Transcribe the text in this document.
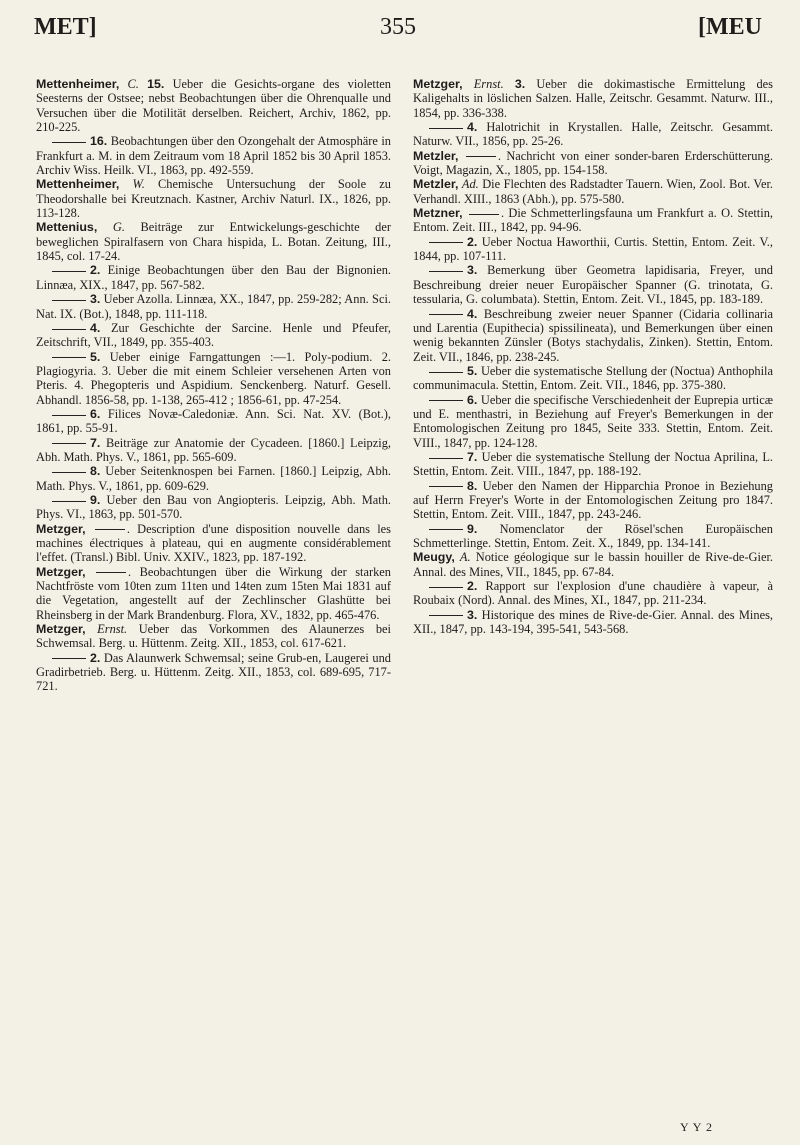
MET]	355	[MEU
Mettenheimer, C. 15. Ueber die Gesichts-organe des violetten Seesterns der Ostsee; nebst Beobachtungen über die Ohrenqualle und Versuchen über die Motilität derselben. Reichert, Archiv, 1862, pp. 210-225.
16. Beobachtungen über den Ozongehalt der Atmosphäre in Frankfurt a. M. in dem Zeitraum vom 18 April 1852 bis 30 April 1853. Archiv Wiss. Heilk. VI., 1863, pp. 492-559.
Mettenheimer, W. Chemische Untersuchung der Soole zu Theodorshalle bei Kreutznach. Kastner, Archiv Naturl. IX., 1826, pp. 113-128.
Mettenius, G. Beiträge zur Entwickelungs-geschichte der beweglichen Spiralfasern von Chara hispida, L. Botan. Zeitung, III., 1845, col. 17-24.
2. Einige Beobachtungen über den Bau der Bignonien. Linnæa, XIX., 1847, pp. 567-582.
3. Ueber Azolla. Linnæa, XX., 1847, pp. 259-282; Ann. Sci. Nat. IX. (Bot.), 1848, pp. 111-118.
4. Zur Geschichte der Sarcine. Henle und Pfeufer, Zeitschrift, VII., 1849, pp. 355-403.
5. Ueber einige Farngattungen :—1. Poly-podium. 2. Plagiogyria. 3. Ueber die mit einem Schleier versehenen Arten von Pteris. 4. Phegopteris und Aspidium. Senckenberg. Naturf. Gesell. Abhandl. 1856-58, pp. 1-138, 265-412 ; 1856-61, pp. 47-254.
6. Filices Novæ-Caledoniæ. Ann. Sci. Nat. XV. (Bot.), 1861, pp. 55-91.
7. Beiträge zur Anatomie der Cycadeen. [1860.] Leipzig, Abh. Math. Phys. V., 1861, pp. 565-609.
8. Ueber Seitenknospen bei Farnen. [1860.] Leipzig, Abh. Math. Phys. V., 1861, pp. 609-629.
9. Ueber den Bau von Angiopteris. Leipzig, Abh. Math. Phys. VI., 1863, pp. 501-570.
Metzger,	. Description d'une disposition nouvelle dans les machines électriques à plateau, qui en augmente considérablement l'effet. (Transl.) Bibl. Univ. XXIV., 1823, pp. 187-192.
Metzger,	. Beobachtungen über die Wirkung der starken Nachtfröste vom 10ten zum 11ten und 14ten zum 15ten Mai 1831 auf die Vegetation, angestellt auf der Zechlinscher Glashütte bei Rheinsberg in der Mark Brandenburg. Flora, XV., 1832, pp. 465-476.
Metzger, Ernst. Ueber das Vorkommen des Alaunerzes bei Schwemsal. Berg. u. Hüttenm. Zeitg. XII., 1853, col. 617-621.
2. Das Alaunwerk Schwemsal; seine Grub-en, Laugerei und Gradirbetrieb. Berg. u. Hüttenm. Zeitg. XII., 1853, col. 689-695, 717-721.
Metzger, Ernst. 3. Ueber die dokimastische Ermittelung des Kaligehalts in löslichen Salzen. Halle, Zeitschr. Gesammt. Naturw. III., 1854, pp. 336-338.
4. Halotrichit in Krystallen. Halle, Zeitschr. Gesammt. Naturw. VII., 1856, pp. 25-26.
Metzler,	. Nachricht von einer sonder-baren Erderschütterung. Voigt, Magazin, X., 1805, pp. 154-158.
Metzler, Ad. Die Flechten des Radstadter Tauern. Wien, Zool. Bot. Ver. Verhandl. XIII., 1863 (Abh.), pp. 575-580.
Metzner,	. Die Schmetterlingsfauna um Frankfurt a. O. Stettin, Entom. Zeit. III., 1842, pp. 94-96.
2. Ueber Noctua Haworthii, Curtis. Stettin, Entom. Zeit. V., 1844, pp. 107-111.
3. Bemerkung über Geometra lapidisaria, Freyer, und Beschreibung dreier neuer Europäischer Spanner (G. trinotata, G. tessularia, G. columbata). Stettin, Entom. Zeit. VI., 1845, pp. 183-189.
4. Beschreibung zweier neuer Spanner (Cidaria collinaria und Larentia (Eupithecia) spissilineata), und Bemerkungen über einen wenig bekannten Zünsler (Botys stachydalis, Zinken). Stettin, Entom. Zeit. VII., 1846, pp. 238-245.
5. Ueber die systematische Stellung der (Noctua) Anthophila communimacula. Stettin, Entom. Zeit. VII., 1846, pp. 375-380.
6. Ueber die specifische Verschiedenheit der Euprepia urticæ und E. menthastri, in Beziehung auf Freyer's Bemerkungen in der Entomologischen Zeitung pro 1845, Seite 333. Stettin, Entom. Zeit. VIII., 1847, pp. 124-128.
7. Ueber die systematische Stellung der Noctua Aprilina, L. Stettin, Entom. Zeit. VIII., 1847, pp. 188-192.
8. Ueber den Namen der Hipparchia Pronoe in Beziehung auf Herrn Freyer's Worte in der Entomologischen Zeitung pro 1847. Stettin, Entom. Zeit. VIII., 1847, pp. 243-246.
9. Nomenclator der Rösel'schen Europäischen Schmetterlinge. Stettin, Entom. Zeit. X., 1849, pp. 134-141.
Meugy, A. Notice géologique sur le bassin houiller de Rive-de-Gier. Annal. des Mines, VII., 1845, pp. 67-84.
2. Rapport sur l'explosion d'une chaudière à vapeur, à Roubaix (Nord). Annal. des Mines, XI., 1847, pp. 211-234.
3. Historique des mines de Rive-de-Gier. Annal. des Mines, XII., 1847, pp. 143-194, 395-541, 543-568.
Y Y 2
